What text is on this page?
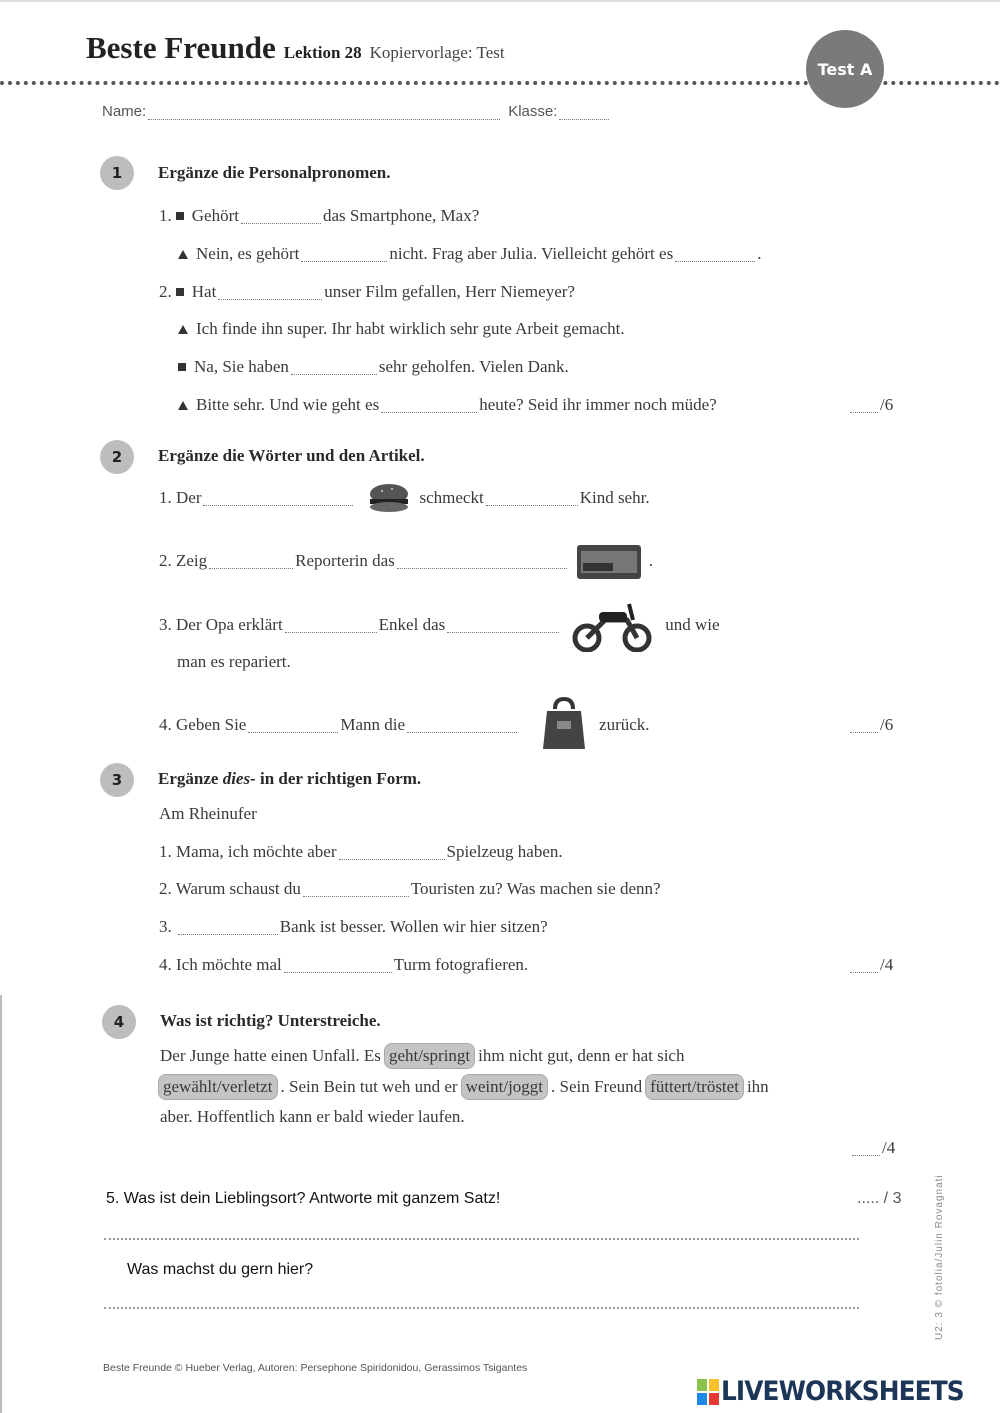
Beste Freunde Lektion 28 Kopiervorlage: Test
Test A
Name:	Klasse:
1	Ergänze die Personalpronomen.
1. Gehört	das Smartphone, Max?
Nein, es gehört	nicht. Frag aber Julia. Vielleicht gehört es	.
2. Hat	unser Film gefallen, Herr Niemeyer?
Ich finde ihn super. Ihr habt wirklich sehr gute Arbeit gemacht.
Na, Sie haben	sehr geholfen. Vielen Dank.
Bitte sehr. Und wie geht es	heute? Seid ihr immer noch müde?	/6
2	Ergänze die Wörter und den Artikel.
1. Der	schmeckt	Kind sehr.
2. Zeig	Reporterin das	.
3. Der Opa erklärt	Enkel das	und wie
man es repariert.
4. Geben Sie	Mann die	zurück.	/6
3	Ergänze dies- in der richtigen Form.
Am Rheinufer
1. Mama, ich möchte aber	Spielzeug haben.
2. Warum schaust du	Touristen zu? Was machen sie denn?
3.	Bank ist besser. Wollen wir hier sitzen?
4. Ich möchte mal	Turm fotografieren.	/4
4	Was ist richtig? Unterstreiche.
Der Junge hatte einen Unfall. Es geht/springt ihm nicht gut, denn er hat sich
gewählt/verletzt . Sein Bein tut weh und er weint/joggt . Sein Freund füttert/tröstet ihn
aber. Hoffentlich kann er bald wieder laufen.
/4
5. Was ist dein Lieblingsort? Antworte mit ganzem Satz!	..... / 3
Was machst du gern hier?	U2: 3 © fotolia/Julin Rovagnati
Beste Freunde © Hueber Verlag, Autoren: Persephone Spiridonidou, Gerassimos Tsigantes
LIVEWORKSHEETS
